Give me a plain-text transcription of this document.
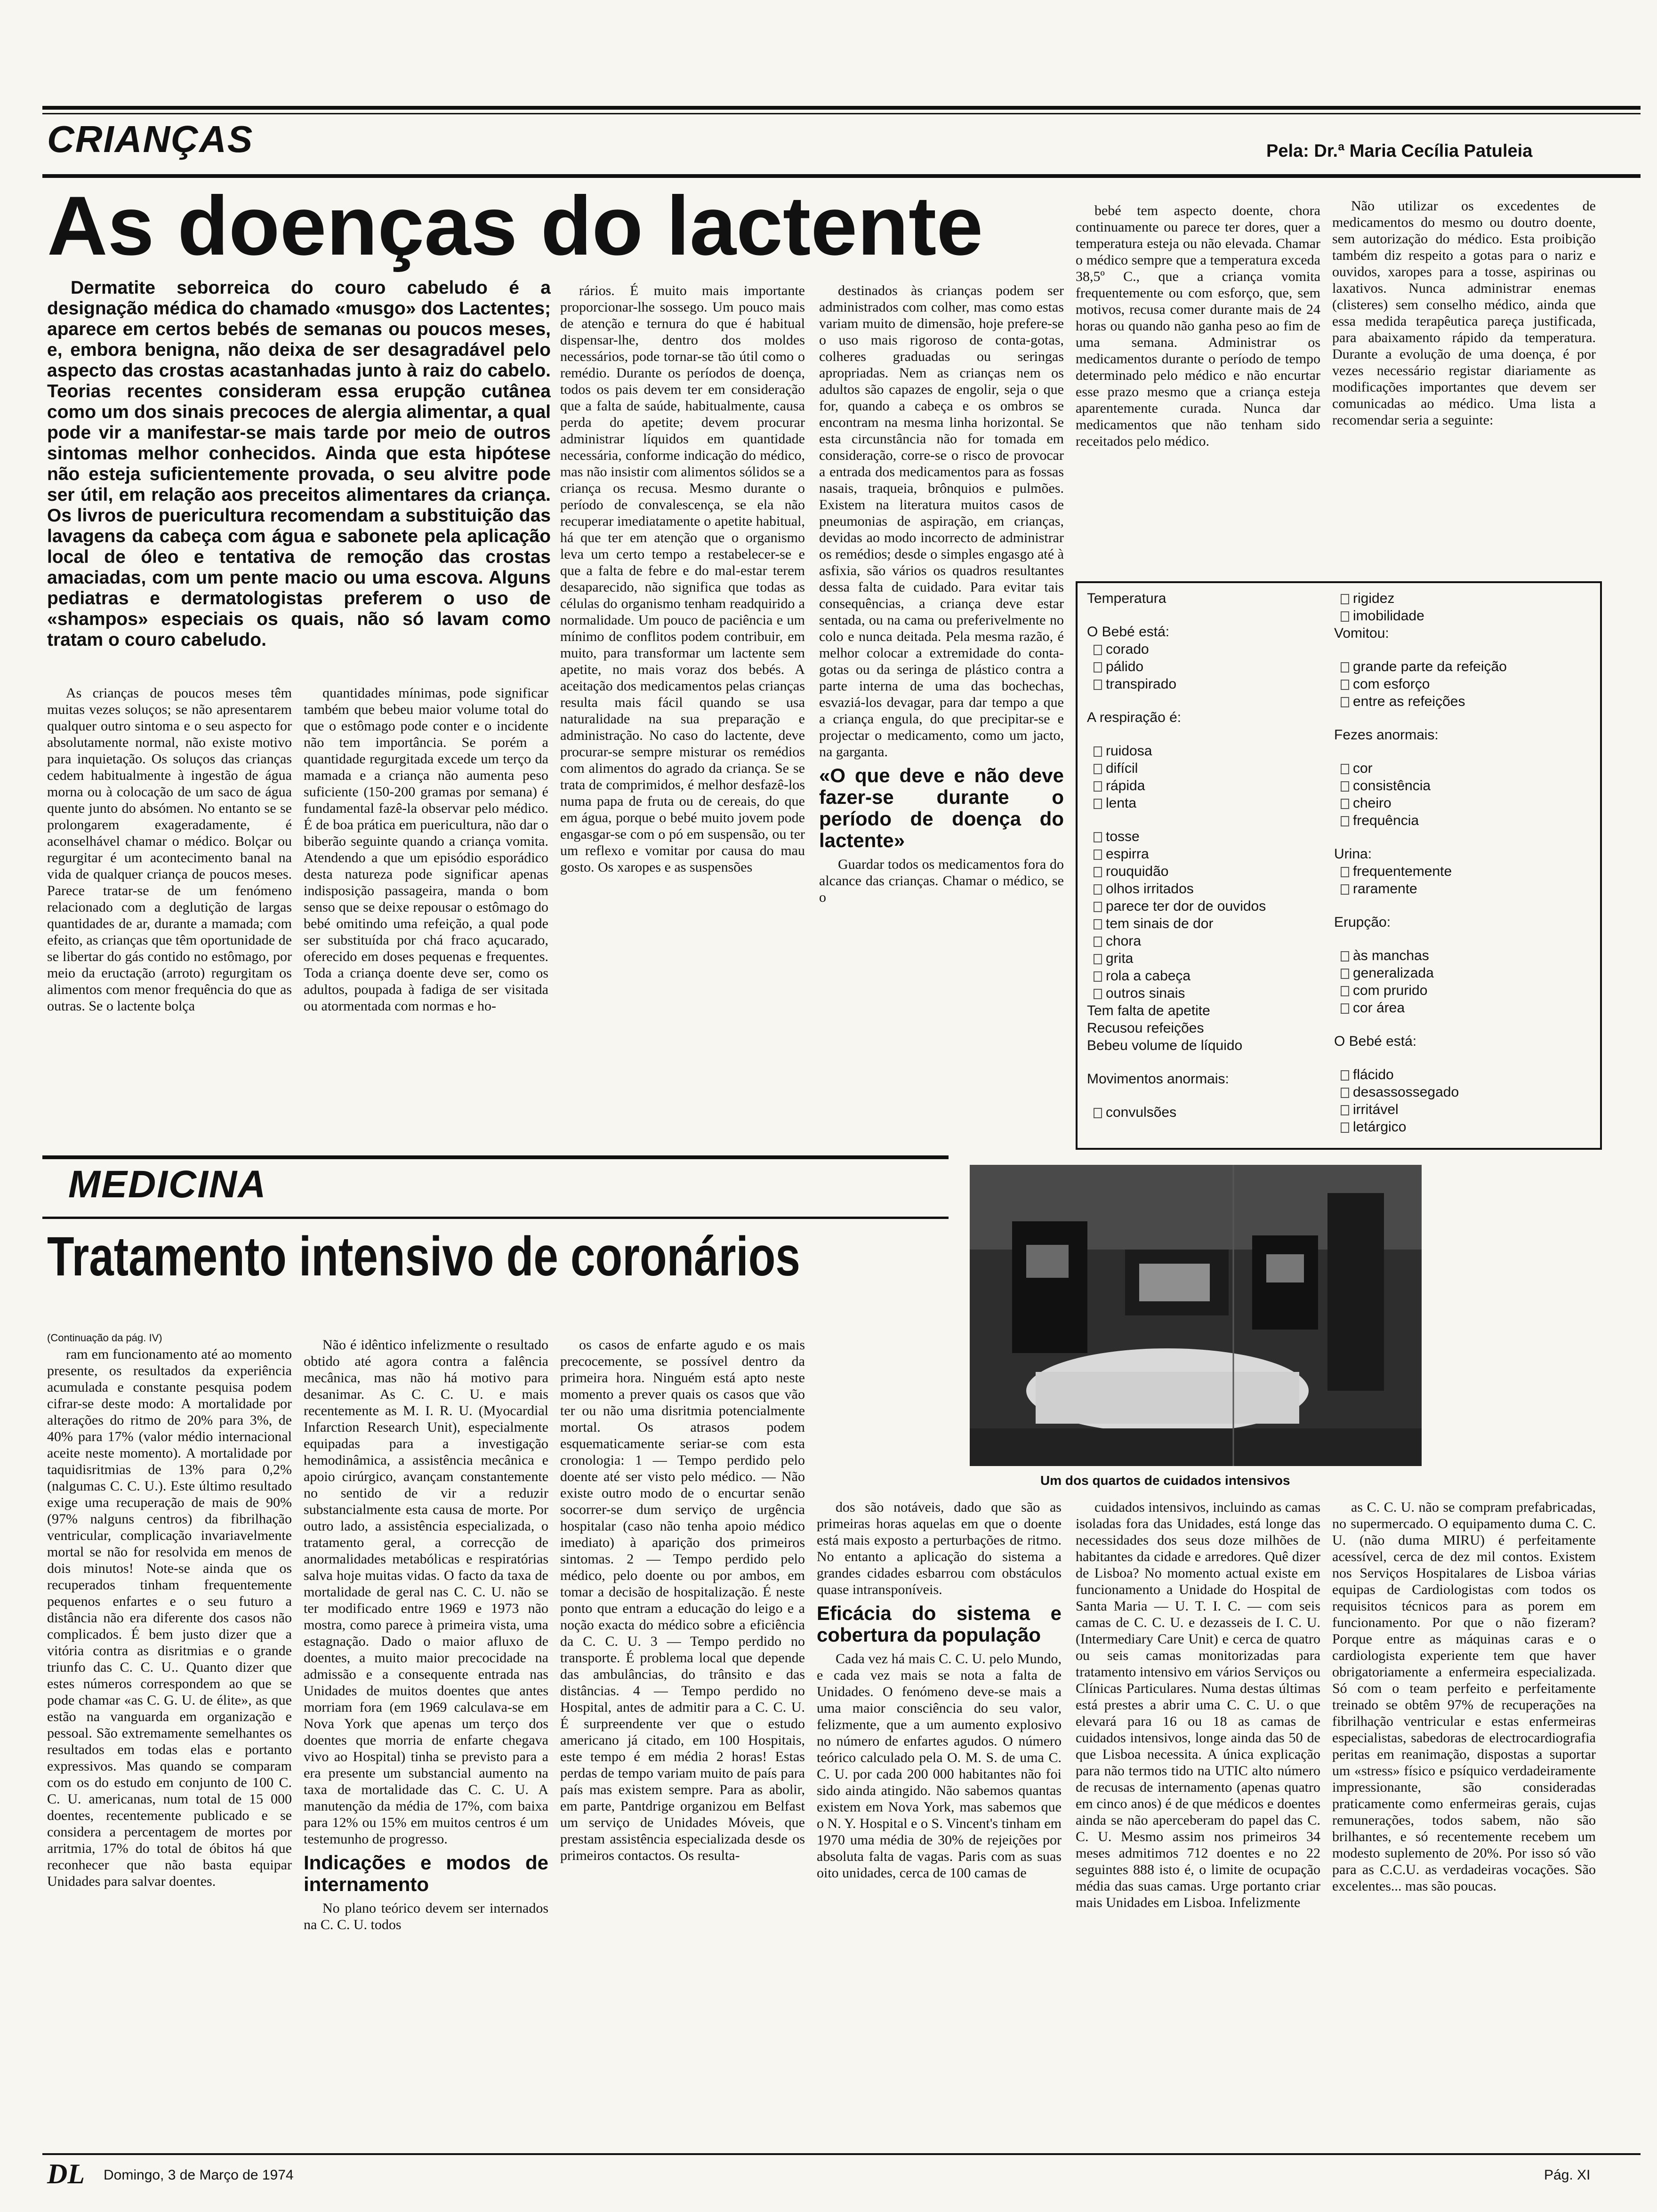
CRIANÇAS	Pela: Dr.ª Maria Cecília Patuleia
As doenças do lactente

Dermatite seborreica do couro cabeludo é a designação médica do chamado «musgo» dos Lactentes; aparece em certos bebés de semanas ou poucos meses, e, embora benigna, não deixa de ser desagradável pelo aspecto das crostas acastanhadas junto à raiz do cabelo. Teorias recentes consideram essa erupção cutânea como um dos sinais precoces de alergia alimentar, a qual pode vir a manifestar-se mais tarde por meio de outros sintomas melhor conhecidos. Ainda que esta hipótese não esteja suficientemente provada, o seu alvitre pode ser útil, em relação aos preceitos alimentares da criança. Os livros de puericultura recomendam a substituição das lavagens da cabeça com água e sabonete pela aplicação local de óleo e tentativa de remoção das crostas amaciadas, com um pente macio ou uma escova. Alguns pediatras e dermatologistas preferem o uso de «shampos» especiais os quais, não só lavam como tratam o couro cabeludo.

As crianças de poucos meses têm muitas vezes soluços; se não apresentarem qualquer outro sintoma e o seu aspecto for absolutamente normal, não existe motivo para inquietação. Os soluços das crianças cedem habitualmente à ingestão de água morna ou à colocação de um saco de água quente junto do absómen. No entanto se se prolongarem exageradamente, é aconselhável chamar o médico. Bolçar ou regurgitar é um acontecimento banal na vida de qualquer criança de poucos meses. Parece tratar-se de um fenómeno relacionado com a deglutição de largas quantidades de ar, durante a mamada; com efeito, as crianças que têm oportunidade de se libertar do gás contido no estômago, por meio da eructação (arroto) regurgitam os alimentos com menor frequência do que as outras. Se o lactente bolça

quantidades mínimas, pode significar também que bebeu maior volume total do que o estômago pode conter e o incidente não tem importância. Se porém a quantidade regurgitada excede um terço da mamada e a criança não aumenta peso suficiente (150-200 gramas por semana) é fundamental fazê-la observar pelo médico. É de boa prática em puericultura, não dar o biberão seguinte quando a criança vomita. Atendendo a que um episódio esporádico desta natureza pode significar apenas indisposição passageira, manda o bom senso que se deixe repousar o estômago do bebé omitindo uma refeição, a qual pode ser substituída por chá fraco açucarado, oferecido em doses pequenas e frequentes. Toda a criança doente deve ser, como os adultos, poupada à fadiga de ser visitada ou atormentada com normas e ho-

rários. É muito mais importante proporcionar-lhe sossego. Um pouco mais de atenção e ternura do que é habitual dispensar-lhe, dentro dos moldes necessários, pode tornar-se tão útil como o remédio. Durante os períodos de doença, todos os pais devem ter em consideração que a falta de saúde, habitualmente, causa perda do apetite; devem procurar administrar líquidos em quantidade necessária, conforme indicação do médico, mas não insistir com alimentos sólidos se a criança os recusa. Mesmo durante o período de convalescença, se ela não recuperar imediatamente o apetite habitual, há que ter em atenção que o organismo leva um certo tempo a restabelecer-se e que a falta de febre e do mal-estar terem desaparecido, não significa que todas as células do organismo tenham readquirido a normalidade. Um pouco de paciência e um mínimo de conflitos podem contribuir, em muito, para transformar um lactente sem apetite, no mais voraz dos bebés. A aceitação dos medicamentos pelas crianças resulta mais fácil quando se usa naturalidade na sua preparação e administração. No caso do lactente, deve procurar-se sempre misturar os remédios com alimentos do agrado da criança. Se se trata de comprimidos, é melhor desfazê-los numa papa de fruta ou de cereais, do que em água, porque o bebé muito jovem pode engasgar-se com o pó em suspensão, ou ter um reflexo e vomitar por causa do mau gosto. Os xaropes e as suspensões

destinados às crianças podem ser administrados com colher, mas como estas variam muito de dimensão, hoje prefere-se o uso mais rigoroso de conta-gotas, colheres graduadas ou seringas apropriadas. Nem as crianças nem os adultos são capazes de engolir, seja o que for, quando a cabeça e os ombros se encontram na mesma linha horizontal. Se esta circunstância não for tomada em consideração, corre-se o risco de provocar a entrada dos medicamentos para as fossas nasais, traqueia, brônquios e pulmões. Existem na literatura muitos casos de pneumonias de aspiração, em crianças, devidas ao modo incorrecto de administrar os remédios; desde o simples engasgo até à asfixia, são vários os quadros resultantes dessa falta de cuidado. Para evitar tais consequências, a criança deve estar sentada, ou na cama ou preferivelmente no colo e nunca deitada. Pela mesma razão, é melhor colocar a extremidade do conta-gotas ou da seringa de plástico contra a parte interna de uma das bochechas, esvaziá-los devagar, para dar tempo a que a criança engula, do que precipitar-se e projectar o medicamento, como um jacto, na garganta.

«O que deve e não deve fazer-se durante o período de doença do lactente»

Guardar todos os medicamentos fora do alcance das crianças. Chamar o médico, se o

bebé tem aspecto doente, chora continuamente ou parece ter dores, quer a temperatura esteja ou não elevada. Chamar o médico sempre que a temperatura exceda 38,5º C., que a criança vomita frequentemente ou com esforço, que, sem motivos, recusa comer durante mais de 24 horas ou quando não ganha peso ao fim de uma semana. Administrar os medicamentos durante o período de tempo determinado pelo médico e não encurtar esse prazo mesmo que a criança esteja aparentemente curada. Nunca dar medicamentos que não tenham sido receitados pelo médico.

Não utilizar os excedentes de medicamentos do mesmo ou doutro doente, sem autorização do médico. Esta proibição também diz respeito a gotas para o nariz e ouvidos, xaropes para a tosse, aspirinas ou laxativos. Nunca administrar enemas (clisteres) sem conselho médico, ainda que essa medida terapêutica pareça justificada, para abaixamento rápido da temperatura. Durante a evolução de uma doença, é por vezes necessário registar diariamente as modificações importantes que devem ser comunicadas ao médico. Uma lista a recomendar seria a seguinte:

Temperatura
O Bebé está:
corado
pálido
transpirado
A respiração é:
ruidosa
difícil
rápida
lenta
tosse
espirra
rouquidão
olhos irritados
parece ter dor de ouvidos
tem sinais de dor
chora
grita
rola a cabeça
outros sinais
Tem falta de apetite
Recusou refeições
Bebeu volume de líquido
Movimentos anormais:
convulsões
rigidez
imobilidade
Vomitou:
grande parte da refeição
com esforço
entre as refeições
Fezes anormais:
cor
consistência
cheiro
frequência
Urina:
frequentemente
raramente
Erupção:
às manchas
generalizada
com prurido
cor área
O Bebé está:
flácido
desassossegado
irritável
letárgico
MEDICINA
Tratamento intensivo de coronários
(Continuação da pág. IV)

ram em funcionamento até ao momento presente, os resultados da experiência acumulada e constante pesquisa podem cifrar-se deste modo: A mortalidade por alterações do ritmo de 20% para 3%, de 40% para 17% (valor médio internacional aceite neste momento). A mortalidade por taquidisritmias de 13% para 0,2% (nalgumas C. C. U.). Este último resultado exige uma recuperação de mais de 90% (97% nalguns centros) da fibrilhação ventricular, complicação invariavelmente mortal se não for resolvida em menos de dois minutos! Note-se ainda que os recuperados tinham frequentemente pequenos enfartes e o seu futuro a distância não era diferente dos casos não complicados. É bem justo dizer que a vitória contra as disritmias e o grande triunfo das C. C. U.. Quanto dizer que estes números correspondem ao que se pode chamar «as C. G. U. de élite», as que estão na vanguarda em organização e pessoal. São extremamente semelhantes os resultados em todas elas e portanto expressivos. Mas quando se comparam com os do estudo em conjunto de 100 C. C. U. americanas, num total de 15 000 doentes, recentemente publicado e se considera a percentagem de mortes por arritmia, 17% do total de óbitos há que reconhecer que não basta equipar Unidades para salvar doentes.

Não é idêntico infelizmente o resultado obtido até agora contra a falência mecânica, mas não há motivo para desanimar. As C. C. U. e mais recentemente as M. I. R. U. (Myocardial Infarction Research Unit), especialmente equipadas para a investigação hemodinâmica, a assistência mecânica e apoio cirúrgico, avançam constantemente no sentido de vir a reduzir substancialmente esta causa de morte. Por outro lado, a assistência especializada, o tratamento geral, a correcção de anormalidades metabólicas e respiratórias salva hoje muitas vidas. O facto da taxa de mortalidade de geral nas C. C. U. não se ter modificado entre 1969 e 1973 não mostra, como parece à primeira vista, uma estagnação. Dado o maior afluxo de doentes, a muito maior precocidade na admissão e a consequente entrada nas Unidades de muitos doentes que antes morriam fora (em 1969 calculava-se em Nova York que apenas um terço dos doentes que morria de enfarte chegava vivo ao Hospital) tinha se previsto para a era presente um substancial aumento na taxa de mortalidade das C. C. U. A manutenção da média de 17%, com baixa para 12% ou 15% em muitos centros é um testemunho de progresso.

Indicações e modos de internamento

No plano teórico devem ser internados na C. C. U. todos

os casos de enfarte agudo e os mais precocemente, se possível dentro da primeira hora. Ninguém está apto neste momento a prever quais os casos que vão ter ou não uma disritmia potencialmente mortal. Os atrasos podem esquematicamente seriar-se com esta cronologia: 1 — Tempo perdido pelo doente até ser visto pelo médico. — Não existe outro modo de o encurtar senão socorrer-se dum serviço de urgência hospitalar (caso não tenha apoio médico imediato) à aparição dos primeiros sintomas. 2 — Tempo perdido pelo médico, pelo doente ou por ambos, em tomar a decisão de hospitalização. É neste ponto que entram a educação do leigo e a noção exacta do médico sobre a eficiência da C. C. U. 3 — Tempo perdido no transporte. É problema local que depende das ambulâncias, do trânsito e das distâncias. 4 — Tempo perdido no Hospital, antes de admitir para a C. C. U. É surpreendente ver que o estudo americano já citado, em 100 Hospitais, este tempo é em média 2 horas! Estas perdas de tempo variam muito de país para país mas existem sempre. Para as abolir, em parte, Pantdrige organizou em Belfast um serviço de Unidades Móveis, que prestam assistência especializada desde os primeiros contactos. Os resulta-

Um dos quartos de cuidados intensivos

dos são notáveis, dado que são as primeiras horas aquelas em que o doente está mais exposto a perturbações de ritmo. No entanto a aplicação do sistema a grandes cidades esbarrou com obstáculos quase intransponíveis.

Eficácia do sistema e cobertura da população

Cada vez há mais C. C. U. pelo Mundo, e cada vez mais se nota a falta de Unidades. O fenómeno deve-se mais a uma maior consciência do seu valor, felizmente, que a um aumento explosivo no número de enfartes agudos. O número teórico calculado pela O. M. S. de uma C. C. U. por cada 200 000 habitantes não foi sido ainda atingido. Não sabemos quantas existem em Nova York, mas sabemos que o N. Y. Hospital e o S. Vincent's tinham em 1970 uma média de 30% de rejeições por absoluta falta de vagas. Paris com as suas oito unidades, cerca de 100 camas de

cuidados intensivos, incluindo as camas isoladas fora das Unidades, está longe das necessidades dos seus doze milhões de habitantes da cidade e arredores. Quê dizer de Lisboa? No momento actual existe em funcionamento a Unidade do Hospital de Santa Maria — U. T. I. C. — com seis camas de C. C. U. e dezasseis de I. C. U. (Intermediary Care Unit) e cerca de quatro ou seis camas monitorizadas para tratamento intensivo em vários Serviços ou Clínicas Particulares. Numa destas últimas está prestes a abrir uma C. C. U. o que elevará para 16 ou 18 as camas de cuidados intensivos, longe ainda das 50 de que Lisboa necessita. A única explicação para não termos tido na UTIC alto número de recusas de internamento (apenas quatro em cinco anos) é de que médicos e doentes ainda se não aperceberam do papel das C. C. U. Mesmo assim nos primeiros 34 meses admitimos 712 doentes e no 22 seguintes 888 isto é, o limite de ocupação média das suas camas. Urge portanto criar mais Unidades em Lisboa. Infelizmente

as C. C. U. não se compram prefabricadas, no supermercado. O equipamento duma C. C. U. (não duma MIRU) é perfeitamente acessível, cerca de dez mil contos. Existem nos Serviços Hospitalares de Lisboa várias equipas de Cardiologistas com todos os requisitos técnicos para as porem em funcionamento. Por que o não fizeram? Porque entre as máquinas caras e o cardiologista experiente tem que haver obrigatoriamente a enfermeira especializada. Só com o team perfeito e perfeitamente treinado se obtêm 97% de recuperações na fibrilhação ventricular e estas enfermeiras especialistas, sabedoras de electrocardiografia peritas em reanimação, dispostas a suportar um «stress» físico e psíquico verdadeiramente impressionante, são consideradas praticamente como enfermeiras gerais, cujas remunerações, todos sabem, não são brilhantes, e só recentemente recebem um modesto suplemento de 20%. Por isso só vão para as C.C.U. as verdadeiras vocações. São excelentes... mas são poucas.

DL Domingo, 3 de Março de 1974	Pág. XI
